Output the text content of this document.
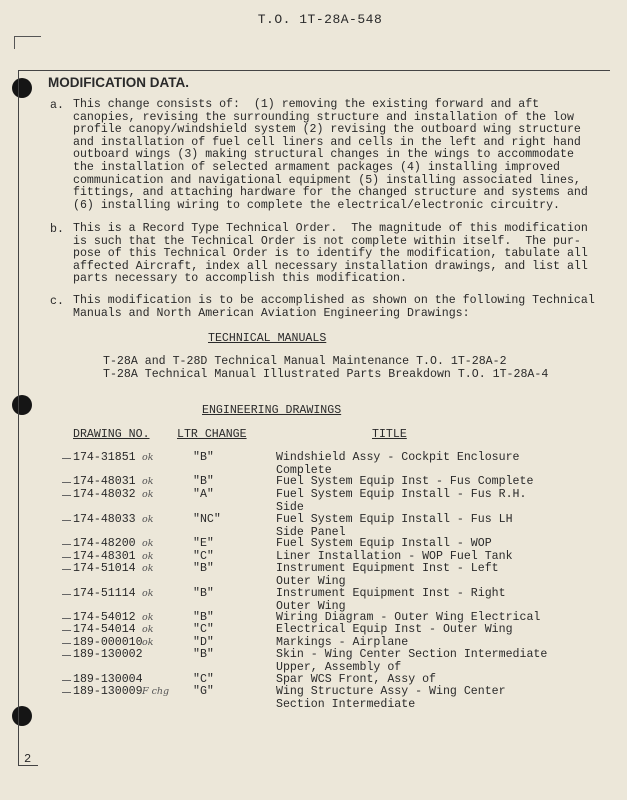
T.O. 1T-28A-548
MODIFICATION DATA.
2
a. This change consists of:  (1) removing the existing forward and aft
canopies, revising the surrounding structure and installation of the low
profile canopy/windshield system (2) revising the outboard wing structure
and installation of fuel cell liners and cells in the left and right hand
outboard wings (3) making structural changes in the wings to accommodate
the installation of selected armament packages (4) installing improved
communication and navigational equipment (5) installing associated lines,
fittings, and attaching hardware for the changed structure and systems and
(6) installing wiring to complete the electrical/electronic circuitry.
b. This is a Record Type Technical Order.  The magnitude of this modification
is such that the Technical Order is not complete within itself.  The pur-
pose of this Technical Order is to identify the modification, tabulate all
affected Aircraft, index all necessary installation drawings, and list all
parts necessary to accomplish this modification.
c. This modification is to be accomplished as shown on the following Technical
Manuals and North American Aviation Engineering Drawings:
TECHNICAL MANUALS
T-28A and T-28D Technical Manual Maintenance T.O. 1T-28A-2
T-28A Technical Manual Illustrated Parts Breakdown T.O. 1T-28A-4
ENGINEERING DRAWINGS
DRAWING NO. LTR CHANGE	TITLE
174-31851 ok	"B"	Windshield Assy - Cockpit Enclosure
Complete
174-48031 ok	"B"	Fuel System Equip Inst - Fus Complete
174-48032 ok	"A"	Fuel System Equip Install - Fus R.H.
Side
174-48033 ok	"NC"	Fuel System Equip Install - Fus LH
Side Panel
174-48200 ok	"E"	Fuel System Equip Install - WOP
174-48301 ok	"C"	Liner Installation - WOP Fuel Tank
174-51014 ok	"B"	Instrument Equipment Inst - Left
Outer Wing
174-51114 ok	"B"	Instrument Equipment Inst - Right
Outer Wing
174-54012 ok	"B"	Wiring Diagram - Outer Wing Electrical
174-54014 ok	"C"	Electrical Equip Inst - Outer Wing
189-000010 ok	"D"	Markings - Airplane
189-130002	"B"	Skin - Wing Center Section Intermediate
Upper, Assembly of
189-130004	"C"	Spar WCS Front, Assy of
189-130009 F chg "G"	Wing Structure Assy - Wing Center
Section Intermediate
